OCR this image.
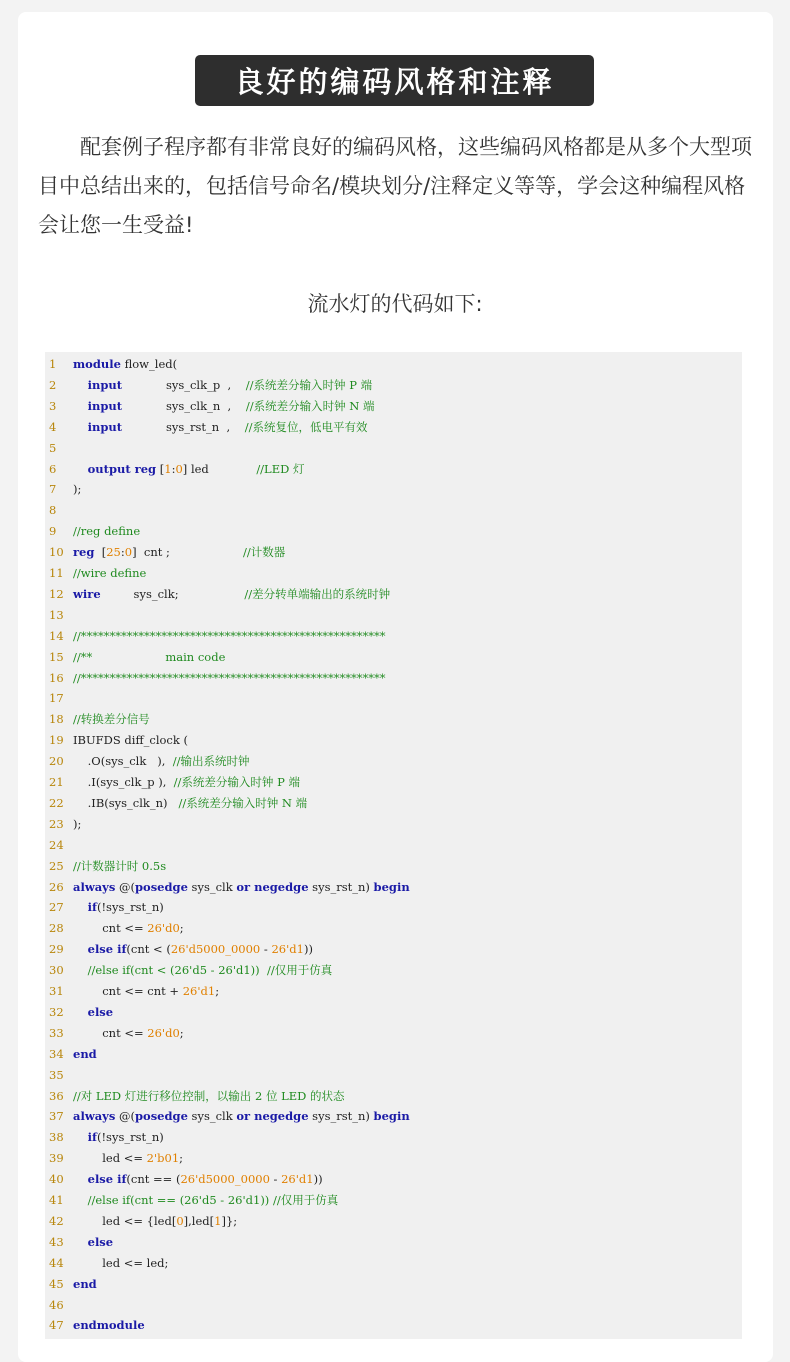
良好的编码风格和注释

配套例子程序都有非常良好的编码风格，这些编码风格都是从多个大型项目中总结出来的，包括信号命名/模块划分/注释定义等等，学会这种编程风格会让您一生受益!

流水灯的代码如下:
1 module flow_led(
2	input            sys_clk_p  ,    //系统差分输入时钟 P 端
3	input            sys_clk_n  ,    //系统差分输入时钟 N 端
4	input            sys_rst_n  ,    //系统复位，低电平有效
5
6	output reg [1:0] led             //LED 灯
7 );
8
9 //reg define
10 reg  [25:0]  cnt ;                    //计数器
11 //wire define
12 wire         sys_clk;                  //差分转单端输出的系统时钟
13
14 //*****************************************************
15 //**                    main code
16 //*****************************************************
17
18 //转换差分信号
19 IBUFDS diff_clock (
20    .O(sys_clk   ),  //输出系统时钟
21    .I(sys_clk_p ),  //系统差分输入时钟 P 端
22    .IB(sys_clk_n)   //系统差分输入时钟 N 端
23 );
24
25 //计数器计时 0.5s
26 always @(posedge sys_clk or negedge sys_rst_n) begin
27 if(!sys_rst_n)
28        cnt <= 26'd0;
29 else if(cnt < (26'd5000_0000 - 26'd1))
30 //else if(cnt < (26'd5 - 26'd1))  //仅用于仿真
31        cnt <= cnt + 26'd1;
32 else
33        cnt <= 26'd0;
34 end
35
36 //对 LED 灯进行移位控制，以输出 2 位 LED 的状态
37 always @(posedge sys_clk or negedge sys_rst_n) begin
38 if(!sys_rst_n)
39        led <= 2'b01;
40 else if(cnt == (26'd5000_0000 - 26'd1))
41 //else if(cnt == (26'd5 - 26'd1)) //仅用于仿真
42        led <= {led[0],led[1]};
43 else
44        led <= led;
45 end
46
47 endmodule
